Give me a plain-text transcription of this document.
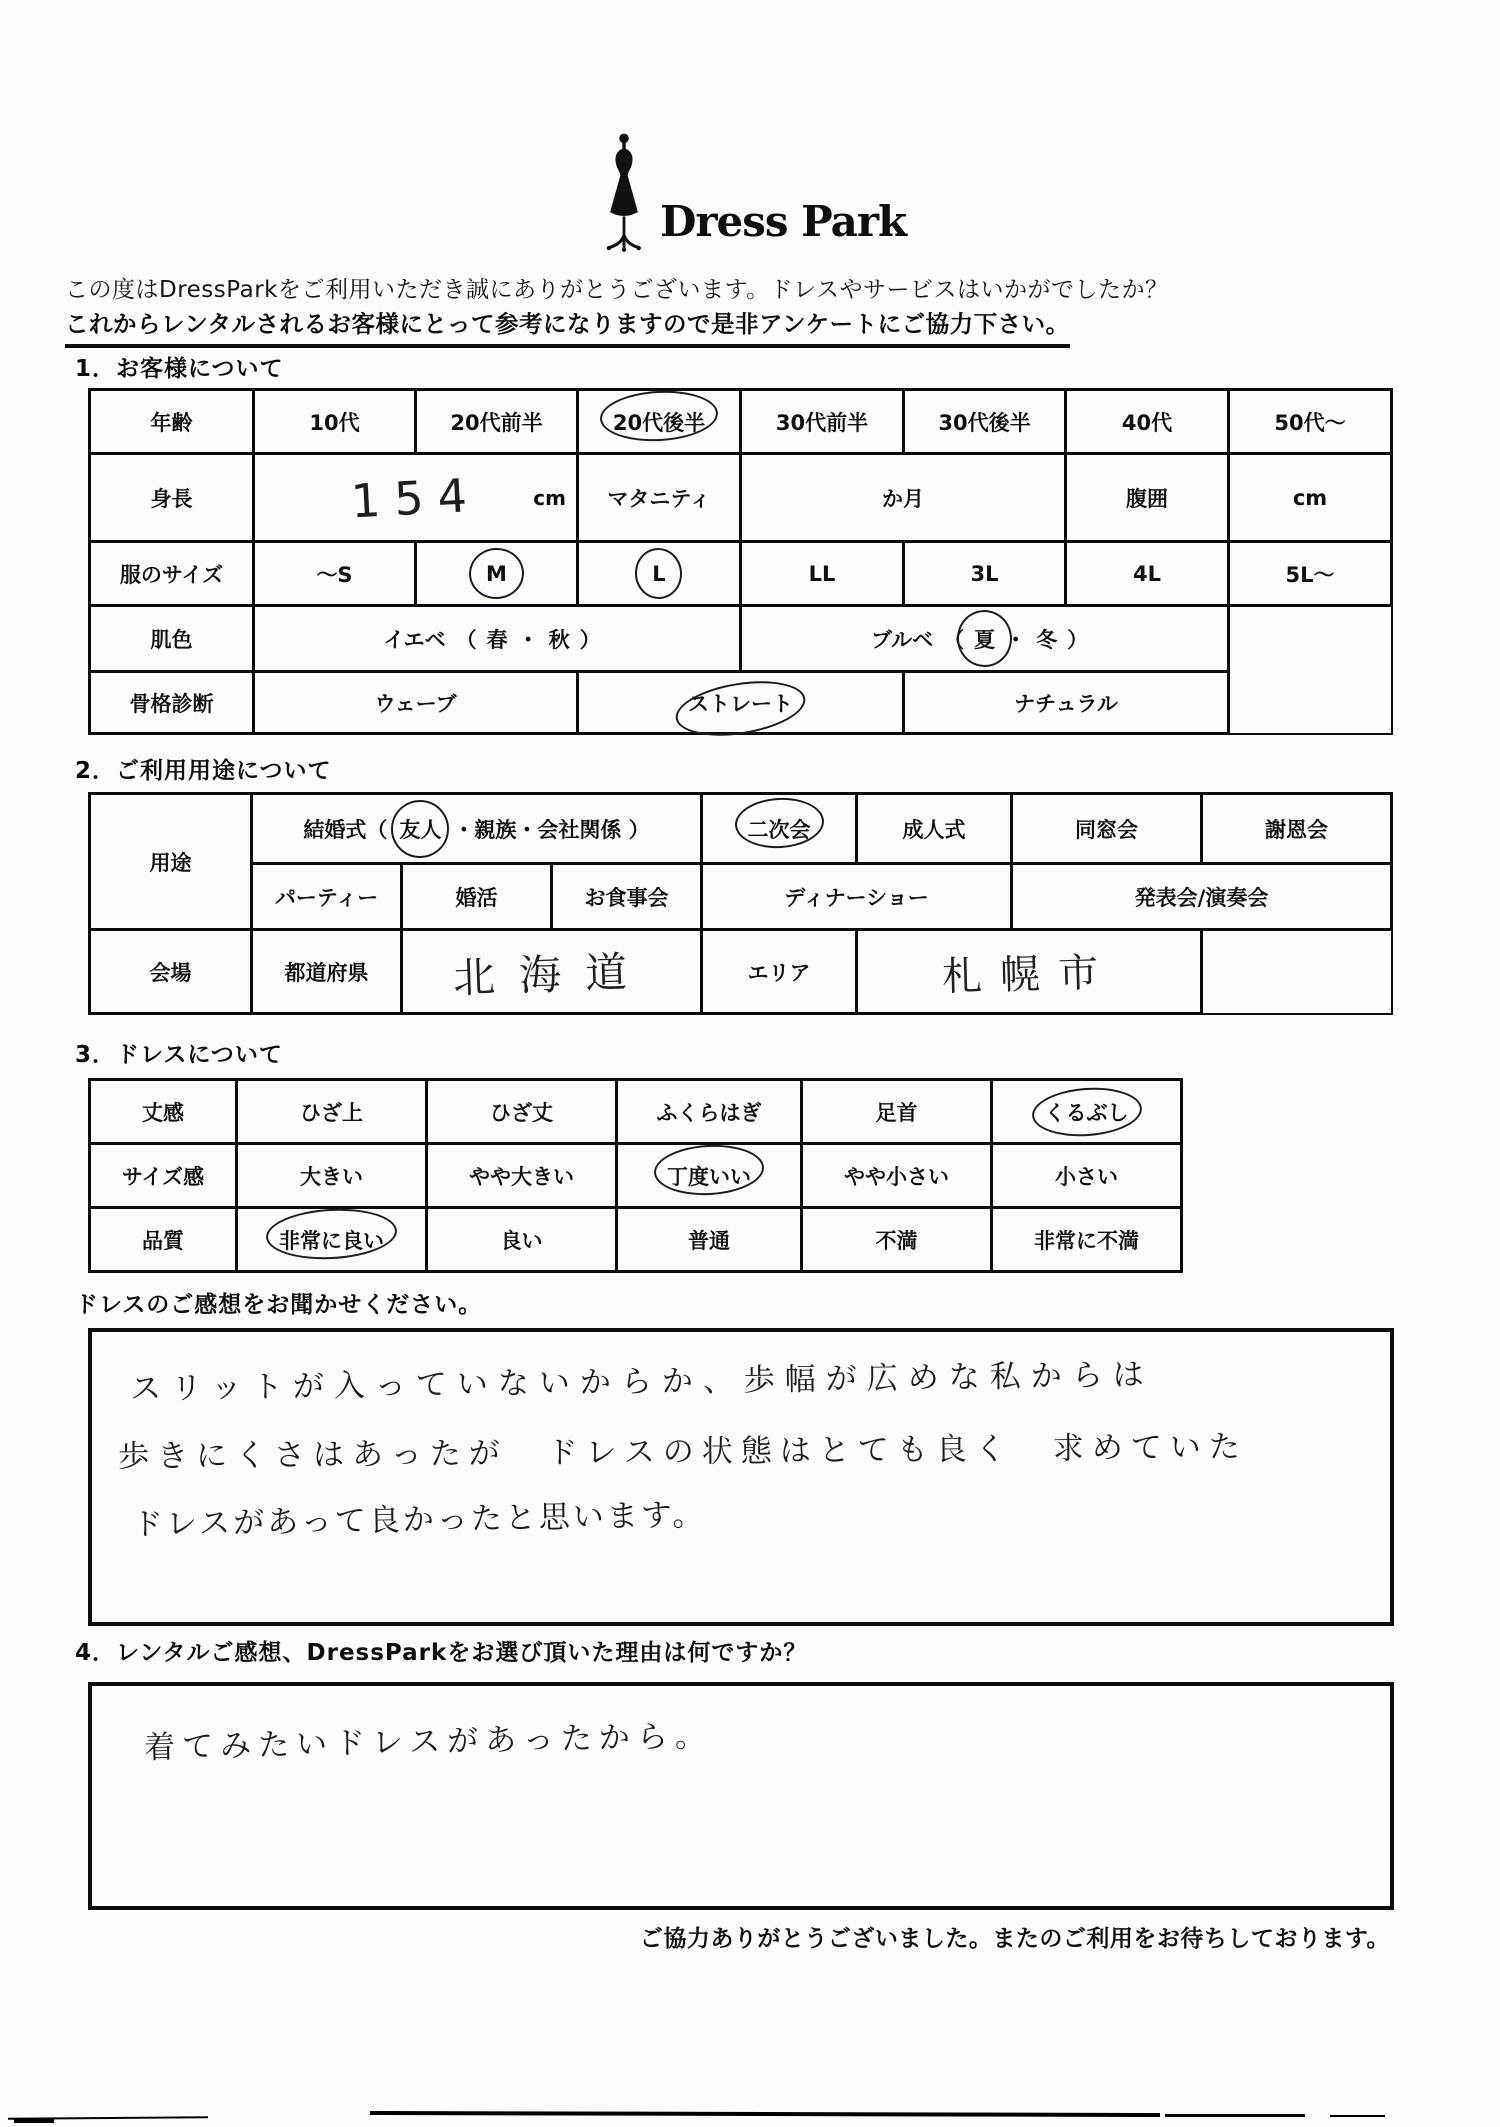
Dress Park
この度はDressParkをご利用いただき誠にありがとうございます。ドレスやサービスはいかがでしたか？
これからレンタルされるお客様にとって参考になりますので是非アンケートにご協力下さい。
1．お客様について
年齢	10代	20代前半	20代後半	30代前半	30代後半	40代	50代～
身長	154 cm		マタニティ	か月		腹囲	cm
服のサイズ	～S	M	L	LL	3L	4L	5L～
肌色	イエベ （ 春 ・ 秋 ）			ブルベ （ 夏 ・ 冬 ）			
骨格診断	ウェーブ		ストレート		ナチュラル		
2．ご利用用途について
用途	結婚式（ 友人 ・親族・会社関係 ）			二次会	成人式	同窓会	謝恩会
	パーティー	婚活	お食事会	ディナーショー		発表会/演奏会	
会場	都道府県	北海道		エリア	札幌市		
3．ドレスについて
丈感	ひざ上	ひざ丈	ふくらはぎ	足首	くるぶし
サイズ感	大きい	やや大きい	丁度いい	やや小さい	小さい
品質	非常に良い	良い	普通	不満	非常に不満
ドレスのご感想をお聞かせください。
スリットが入っていないからか、歩幅が広めな私からは
歩きにくさはあったが　ドレスの状態はとても良く　求めていた
ドレスがあって良かったと思います。
4．レンタルご感想、DressParkをお選び頂いた理由は何ですか？
着てみたいドレスがあったから。
ご協力ありがとうございました。またのご利用をお待ちしております。
